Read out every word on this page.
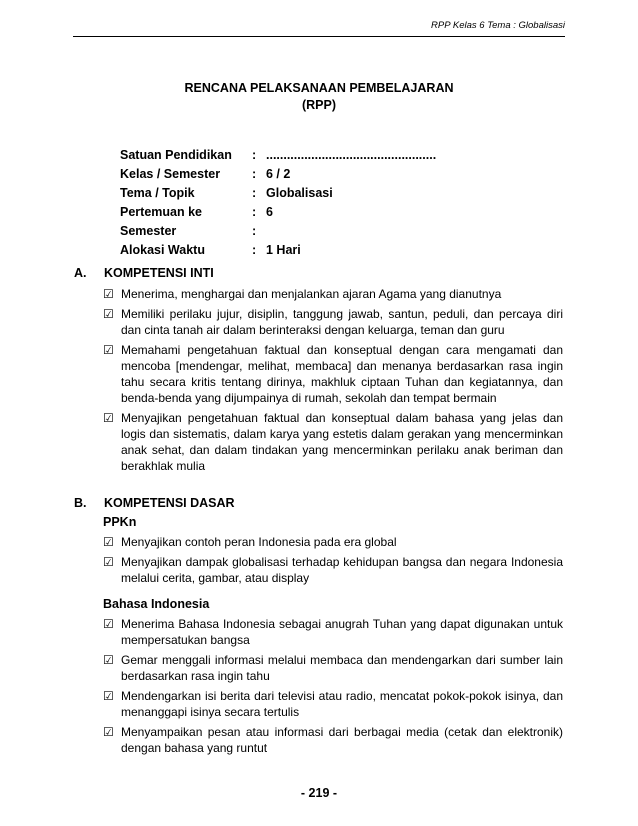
RPP Kelas 6 Tema : Globalisasi
RENCANA PELAKSANAAN PEMBELAJARAN
(RPP)
Satuan Pendidikan	: .................................................
Kelas / Semester	: 6 / 2
Tema / Topik	: Globalisasi
Pertemuan ke	: 6
Semester	:
Alokasi Waktu	: 1 Hari
A. KOMPETENSI INTI
☑ Menerima, menghargai dan menjalankan ajaran Agama yang dianutnya
☑ Memiliki perilaku jujur, disiplin, tanggung jawab, santun, peduli, dan percaya diri dan cinta tanah air dalam berinteraksi dengan keluarga, teman dan guru
☑ Memahami pengetahuan faktual dan konseptual dengan cara mengamati dan mencoba [mendengar, melihat, membaca] dan menanya berdasarkan rasa ingin tahu secara kritis tentang dirinya, makhluk ciptaan Tuhan dan kegiatannya, dan benda-benda yang dijumpainya di rumah, sekolah dan tempat bermain
☑ Menyajikan pengetahuan faktual dan konseptual dalam bahasa yang jelas dan logis dan sistematis, dalam karya yang estetis dalam gerakan yang mencerminkan anak sehat, dan dalam tindakan yang mencerminkan perilaku anak beriman dan berakhlak mulia
B. KOMPETENSI DASAR
PPKn
☑ Menyajikan contoh peran Indonesia pada era global
☑ Menyajikan dampak globalisasi terhadap kehidupan bangsa dan negara Indonesia melalui cerita, gambar, atau display
Bahasa Indonesia
☑ Menerima Bahasa Indonesia sebagai anugrah Tuhan yang dapat digunakan untuk mempersatukan bangsa
☑ Gemar menggali informasi melalui membaca dan mendengarkan dari sumber lain berdasarkan rasa ingin tahu
☑ Mendengarkan isi berita dari televisi atau radio, mencatat pokok-pokok isinya, dan menanggapi isinya secara tertulis
☑ Menyampaikan pesan atau informasi dari berbagai media (cetak dan elektronik) dengan bahasa yang runtut
- 219 -
